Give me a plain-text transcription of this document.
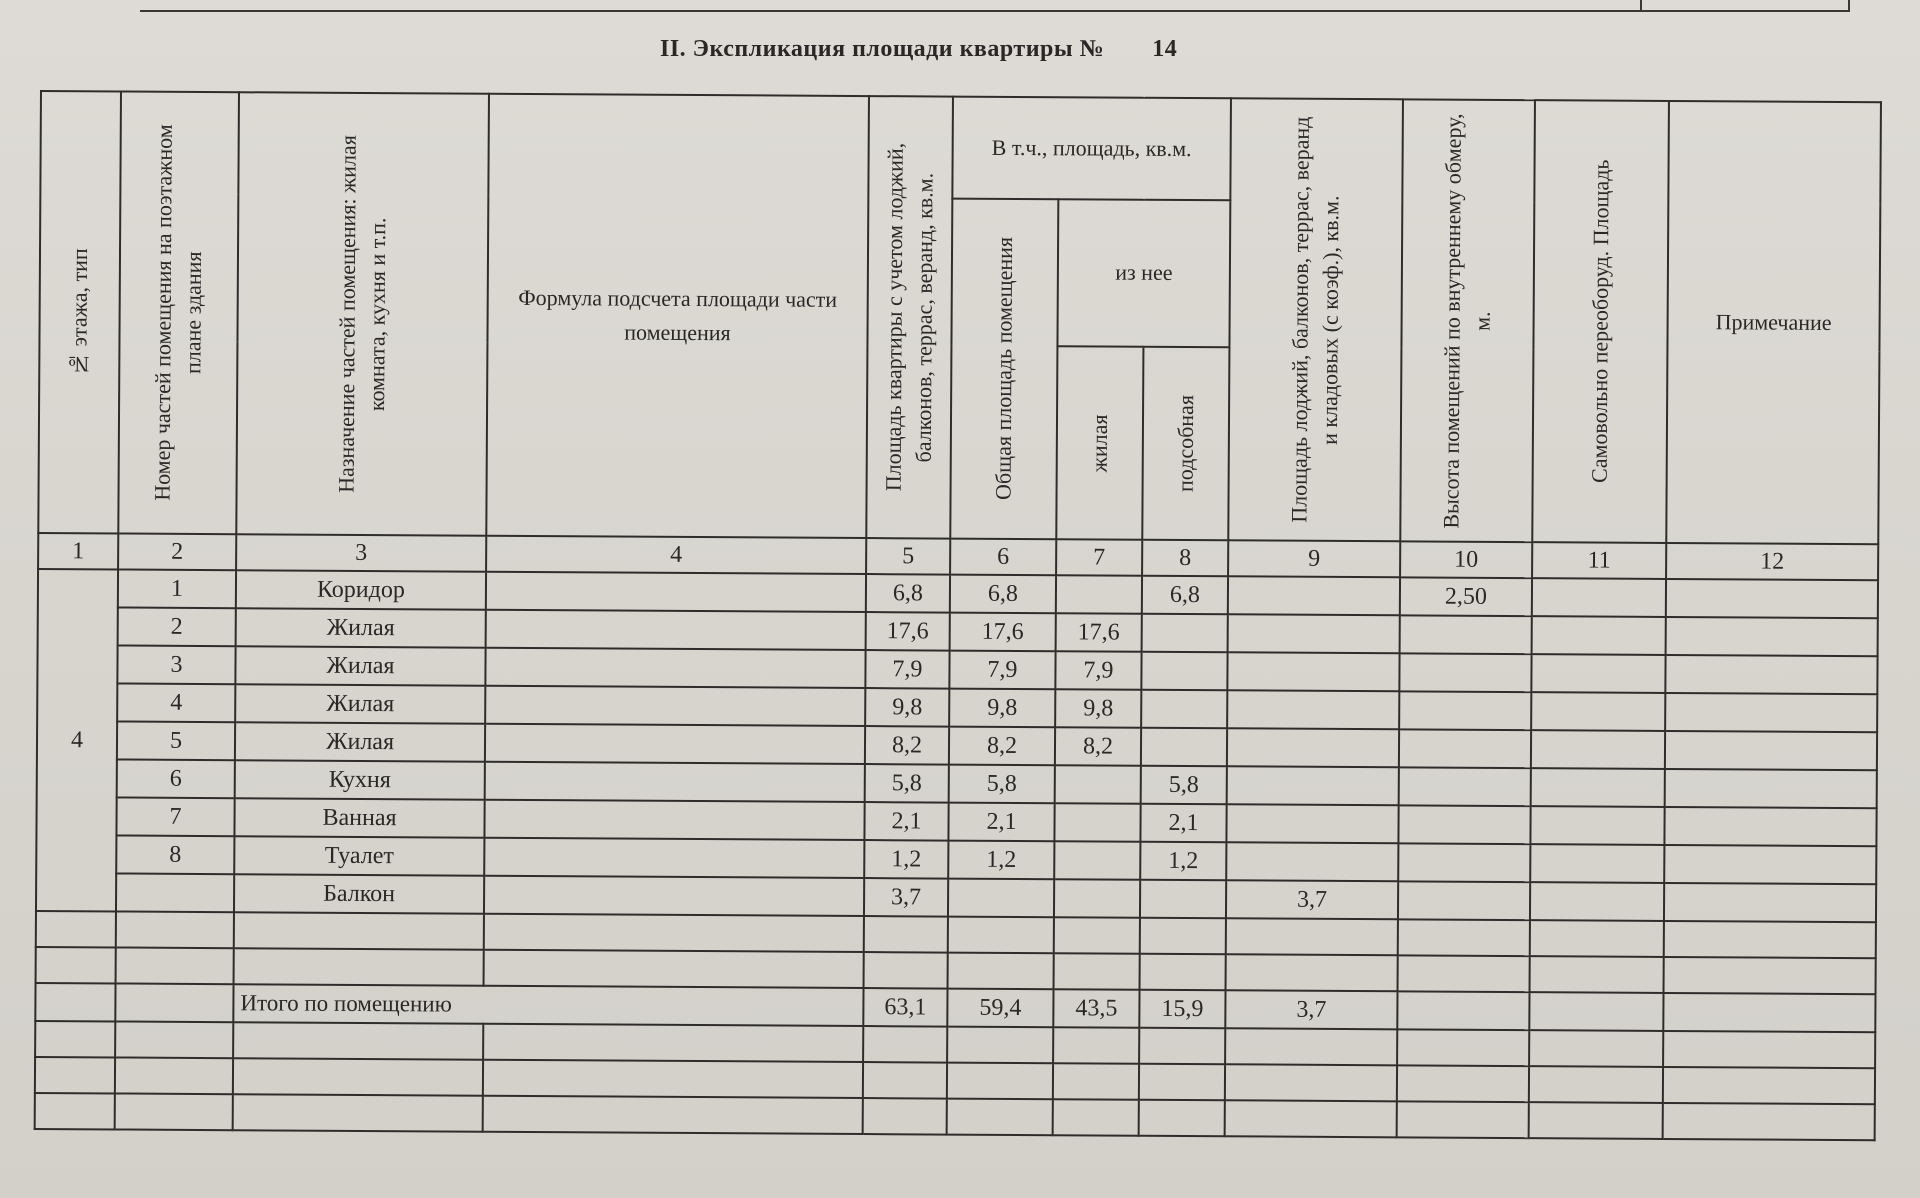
II. Экспликация площади квартиры № 14
№ этажа, тип	Номер частей помещения на поэтажном плане здания	Назначение частей помещения: жилая комната, кухня и т.п.	Формула подсчета площади части помещения	Площадь квартиры с учетом лоджий, балконов, террас, веранд, кв.м.	В т.ч., площадь, кв.м.			Площадь лоджий, балконов, террас, веранд и кладовых (с коэф.), кв.м.	Высота помещений по внутреннему обмеру, м.	Самовольно переоборуд. Площадь	Примечание

					Общая площадь помещения	из нее					

						жилая	подсобная				

1	2	3	4	5	6	7	8	9	10	11	12
4	1	Коридор		6,8	6,8		6,8		2,50		
	2	Жилая		17,6	17,6	17,6					
	3	Жилая		7,9	7,9	7,9					
	4	Жилая		9,8	9,8	9,8					
	5	Жилая		8,2	8,2	8,2					
	6	Кухня		5,8	5,8		5,8				
	7	Ванная		2,1	2,1		2,1				
	8	Туалет		1,2	1,2		1,2				
		Балкон		3,7				3,7			

		Итого по помещению		63,1	59,4	43,5	15,9	3,7			
